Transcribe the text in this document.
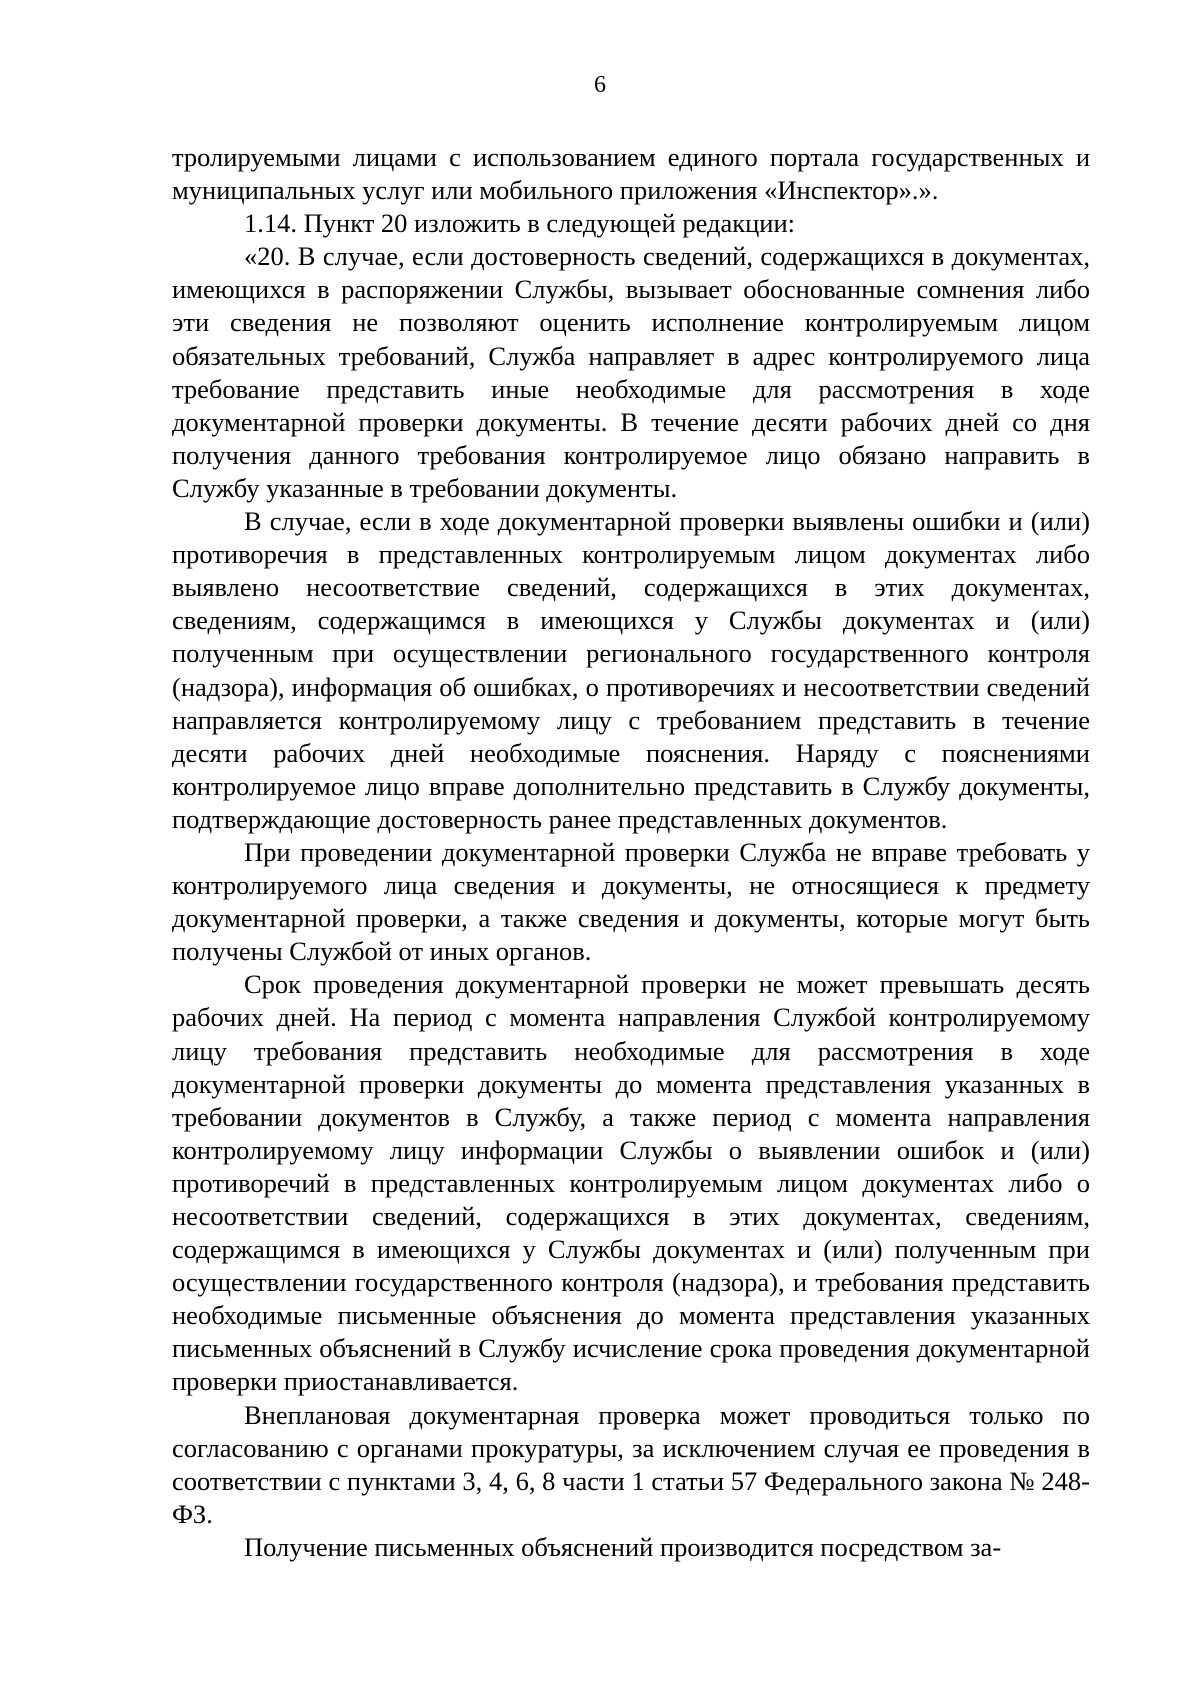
6

тролируемыми лицами с использованием единого портала государственных и муниципальных услуг или мобильного приложения «Инспектор».».

1.14. Пункт 20 изложить в следующей редакции:

«20. В случае, если достоверность сведений, содержащихся в документах, имеющихся в распоряжении Службы, вызывает обоснованные сомнения либо эти сведения не позволяют оценить исполнение контролируемым лицом обязательных требований, Служба направляет в адрес контролируемого лица требование представить иные необходимые для рассмотрения в ходе документарной проверки документы. В течение десяти рабочих дней со дня получения данного требования контролируемое лицо обязано направить в Службу указанные в требовании документы.

В случае, если в ходе документарной проверки выявлены ошибки и (или) противоречия в представленных контролируемым лицом документах либо выявлено несоответствие сведений, содержащихся в этих документах, сведениям, содержащимся в имеющихся у Службы документах и (или) полученным при осуществлении регионального государственного контроля (надзора), информация об ошибках, о противоречиях и несоответствии сведений направляется контролируемому лицу с требованием представить в течение десяти рабочих дней необходимые пояснения. Наряду с пояснениями контролируемое лицо вправе дополнительно представить в Службу документы, подтверждающие достоверность ранее представленных документов.

При проведении документарной проверки Служба не вправе требовать у контролируемого лица сведения и документы, не относящиеся к предмету документарной проверки, а также сведения и документы, которые могут быть получены Службой от иных органов.

Срок проведения документарной проверки не может превышать десять рабочих дней. На период с момента направления Службой контролируемому лицу требования представить необходимые для рассмотрения в ходе документарной проверки документы до момента представления указанных в требовании документов в Службу, а также период с момента направления контролируемому лицу информации Службы о выявлении ошибок и (или) противоречий в представленных контролируемым лицом документах либо о несоответствии сведений, содержащихся в этих документах, сведениям, содержащимся в имеющихся у Службы документах и (или) полученным при осуществлении государственного контроля (надзора), и требования представить необходимые письменные объяснения до момента представления указанных письменных объяснений в Службу исчисление срока проведения документарной проверки приостанавливается.

Внеплановая документарная проверка может проводиться только по согласованию с органами прокуратуры, за исключением случая ее проведения в соответствии с пунктами 3, 4, 6, 8 части 1 статьи 57 Федерального закона № 248-ФЗ.

Получение письменных объяснений производится посредством за-
